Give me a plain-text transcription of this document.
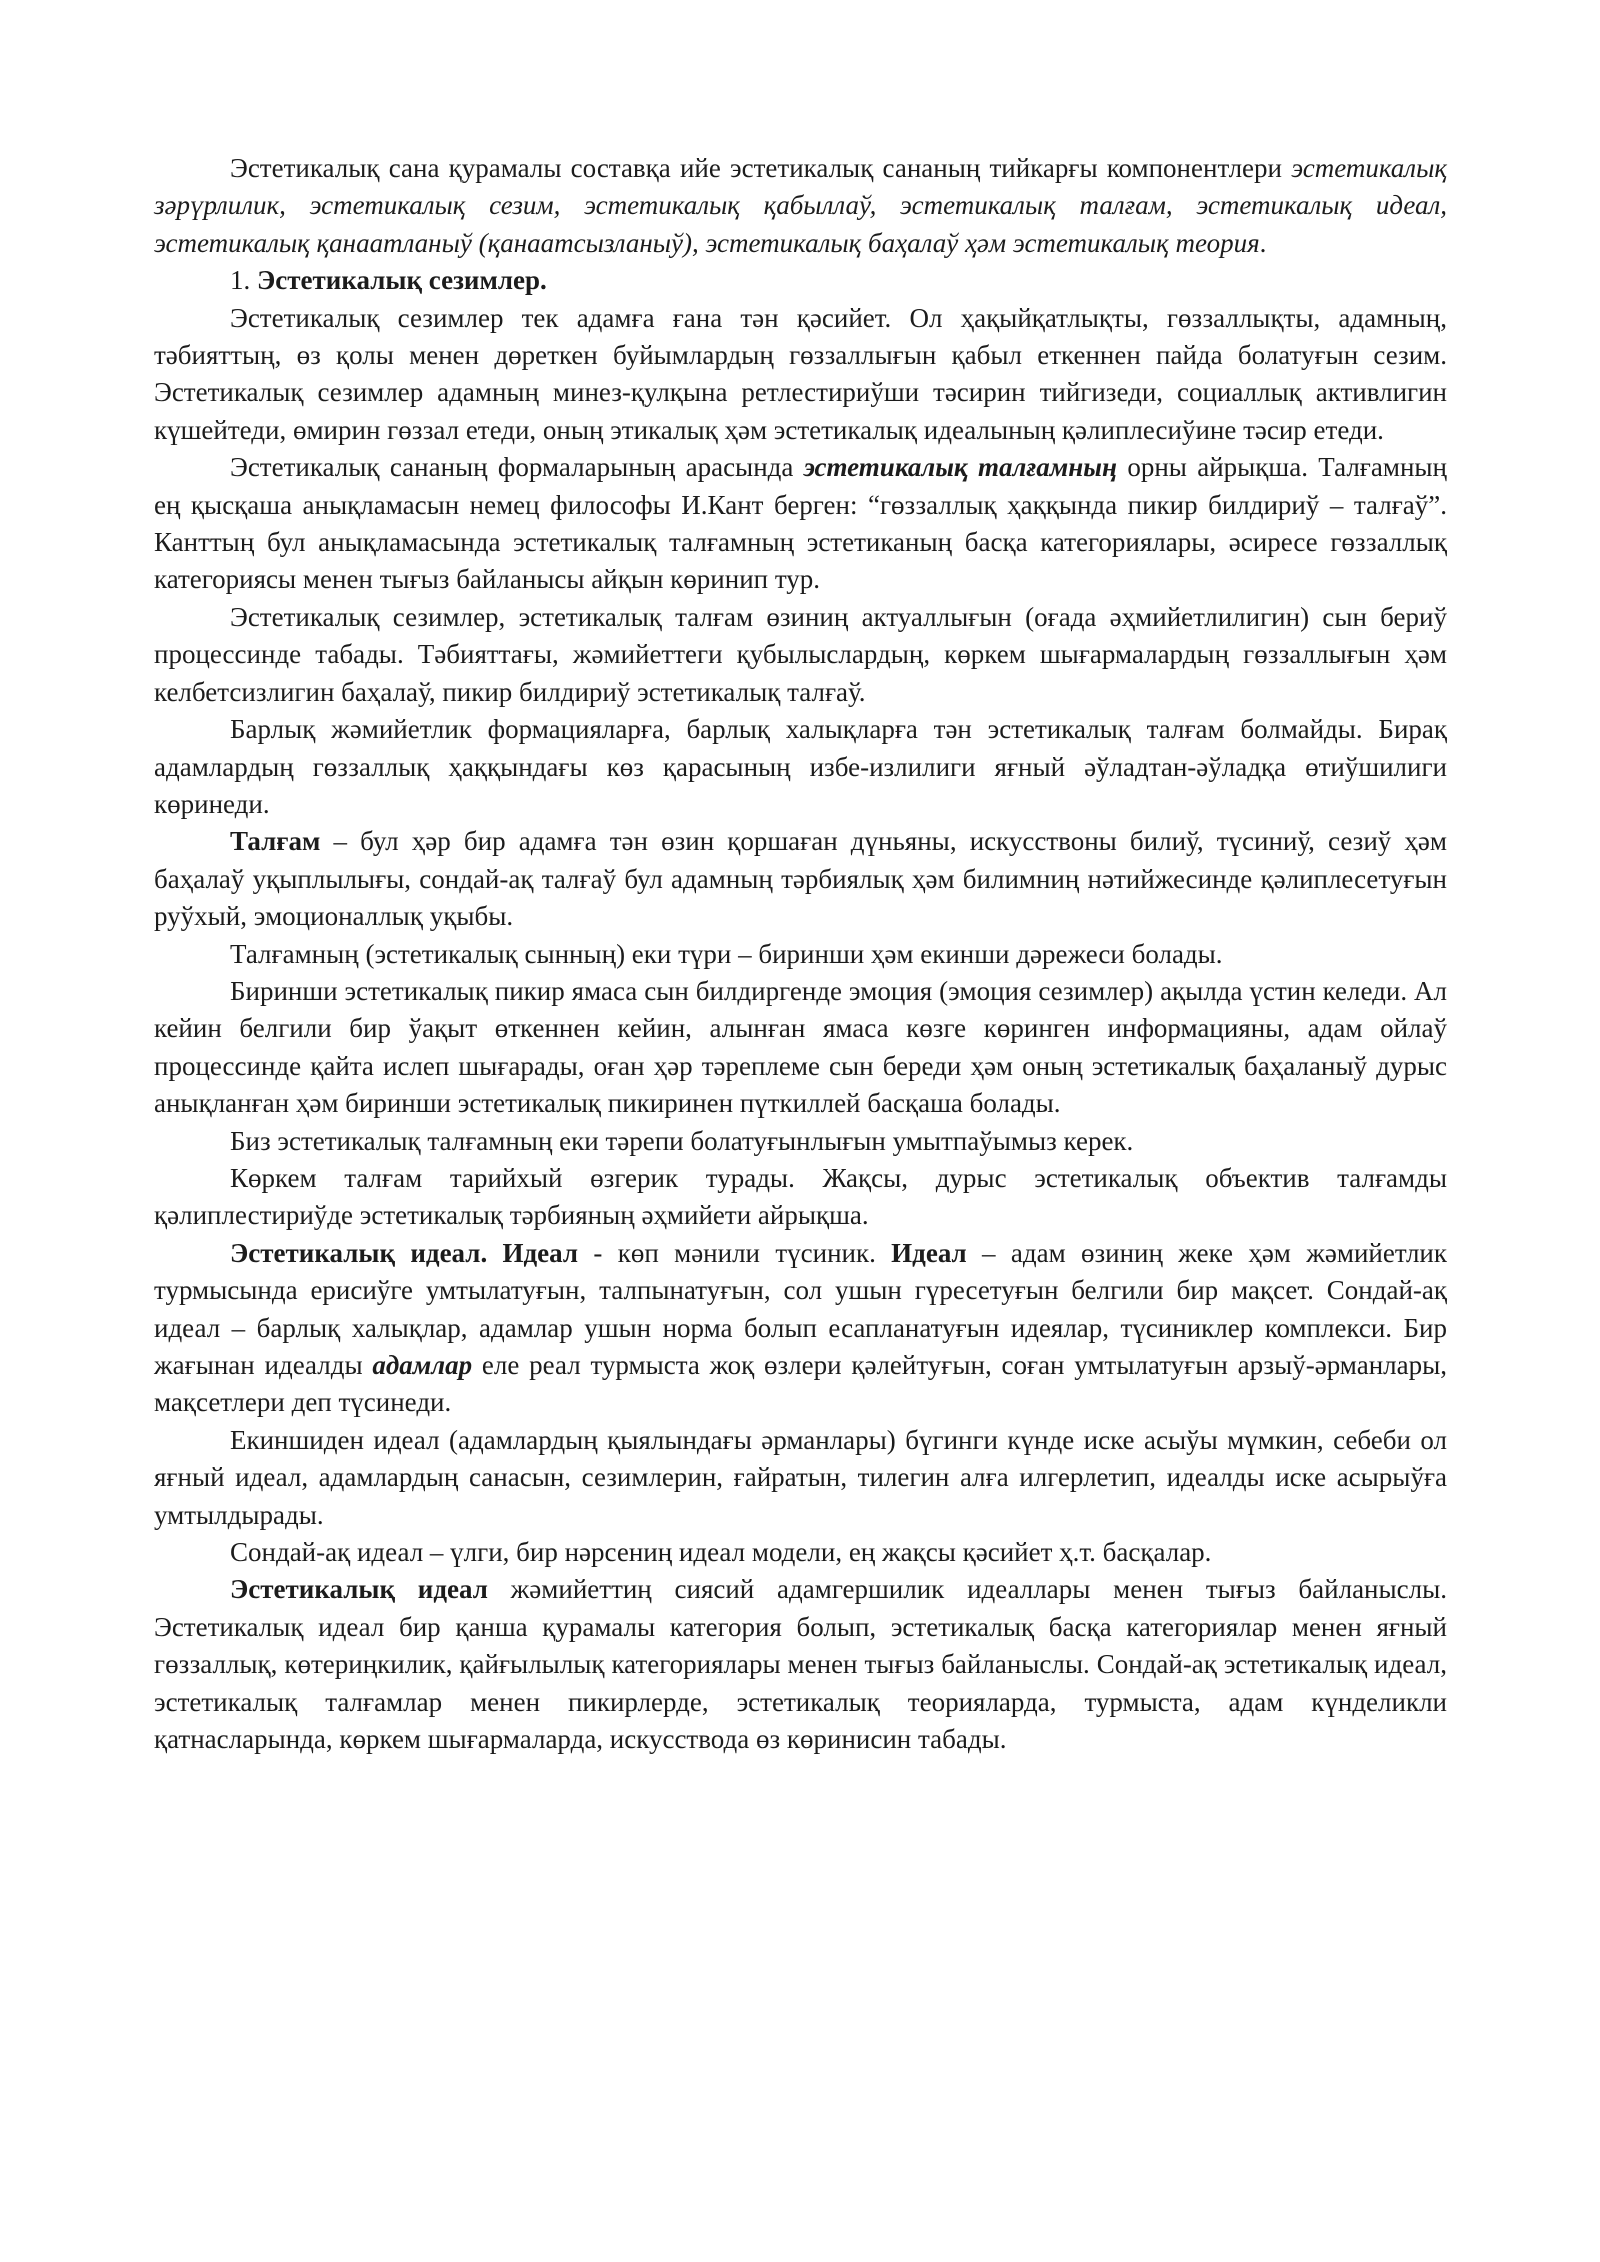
Эстетикалық сана қурамалы составқа ийе эстетикалық сананың тийкарғы компонентлери эстетикалық зәрүрлилик, эстетикалық сезим, эстетикалық қабыллаў, эстетикалық талғам, эстетикалық идеал, эстетикалық қанаатланыў (қанаатсызланыў), эстетикалық баҳалаў ҳәм эстетикалық теория.

1. Эстетикалық сезимлер.

Эстетикалық сезимлер тек адамға ғана тән қәсийет. Ол ҳақыйқатлықты, гөззаллықты, адамның, тәбияттың, өз қолы менен дөреткен буйымлардың гөззаллығын қабыл еткеннен пайда болатуғын сезим. Эстетикалық сезимлер адамның минез-қулқына ретлестириўши тәсирин тийгизеди, социаллық активлигин күшейтеди, өмирин гөззал етеди, оның этикалық ҳәм эстетикалық идеалының қәлиплесиўине тәсир етеди.

Эстетикалық сананың формаларының арасында эстетикалық талғамның орны айрықша. Талғамның ең қысқаша анықламасын немец философы И.Кант берген: “гөззаллық ҳаққында пикир билдириў – талғаў”. Канттың бул анықламасында эстетикалық талғамның эстетиканың басқа категориялары, әсиресе гөззаллық категориясы менен тығыз байланысы айқын көринип тур.

Эстетикалық сезимлер, эстетикалық талғам өзиниң актуаллығын (оғада әҳмийетлилигин) сын бериў процессинде табады. Тәбияттағы, жәмийеттеги қубылыслардың, көркем шығармалардың гөззаллығын ҳәм келбетсизлигин баҳалаў, пикир билдириў эстетикалық талғаў.

Барлық жәмийетлик формацияларға, барлық халықларға тән эстетикалық талғам болмайды. Бирақ адамлардың гөззаллық ҳаққындағы көз қарасының избе-излилиги яғный әўладтан-әўладқа өтиўшилиги көринеди.

Талғам – бул ҳәр бир адамға тән өзин қоршаған дүньяны, искусствоны билиў, түсиниў, сезиў ҳәм баҳалаў уқыплылығы, сондай-ақ талғаў бул адамның тәрбиялық ҳәм билимниң нәтийжесинде қәлиплесетуғын руўхый, эмоционаллық уқыбы.

Талғамның (эстетикалық сынның) еки түри – биринши ҳәм екинши дәрежеси болады.

Биринши эстетикалық пикир ямаса сын билдиргенде эмоция (эмоция сезимлер) ақылда үстин келеди. Ал кейин белгили бир ўақыт өткеннен кейин, алынған ямаса көзге көринген информацияны, адам ойлаў процессинде қайта ислеп шығарады, оған ҳәр тәреплеме сын береди ҳәм оның эстетикалық баҳаланыў дурыс анықланған ҳәм биринши эстетикалық пикиринен пүткиллей басқаша болады.

Биз эстетикалық талғамның еки тәрепи болатуғынлығын умытпаўымыз керек.

Көркем талғам тарийхый өзгерик турады. Жақсы, дурыс эстетикалық объектив талғамды қәлиплестириўде эстетикалық тәрбияның әҳмийети айрықша.

Эстетикалық идеал. Идеал - көп мәнили түсиник. Идеал – адам өзиниң жеке ҳәм жәмийетлик турмысында ерисиўге умтылатуғын, талпынатуғын, сол ушын гүресетуғын белгили бир мақсет. Сондай-ақ идеал – барлық халықлар, адамлар ушын норма болып есапланатуғын идеялар, түсиниклер комплекси. Бир жағынан идеалды адамлар еле реал турмыста жоқ өзлери қәлейтуғын, соған умтылатуғын арзыў-әрманлары, мақсетлери деп түсинеди.

Екиншиден идеал (адамлардың қыялындағы әрманлары) бүгинги күнде иске асыўы мүмкин, себеби ол яғный идеал, адамлардың санасын, сезимлерин, ғайратын, тилегин алға илгерлетип, идеалды иске асырыўға умтылдырады.

Сондай-ақ идеал – үлги, бир нәрсениң идеал модели, ең жақсы қәсийет ҳ.т. басқалар.

Эстетикалық идеал жәмийеттиң сиясий адамгершилик идеаллары менен тығыз байланыслы. Эстетикалық идеал бир қанша қурамалы категория болып, эстетикалық басқа категориялар менен яғный гөззаллық, көтериңкилик, қайғылылық категориялары менен тығыз байланыслы. Сондай-ақ эстетикалық идеал, эстетикалық талғамлар менен пикирлерде, эстетикалық теорияларда, турмыста, адам күнделикли қатнасларында, көркем шығармаларда, искусствода өз көринисин табады.
